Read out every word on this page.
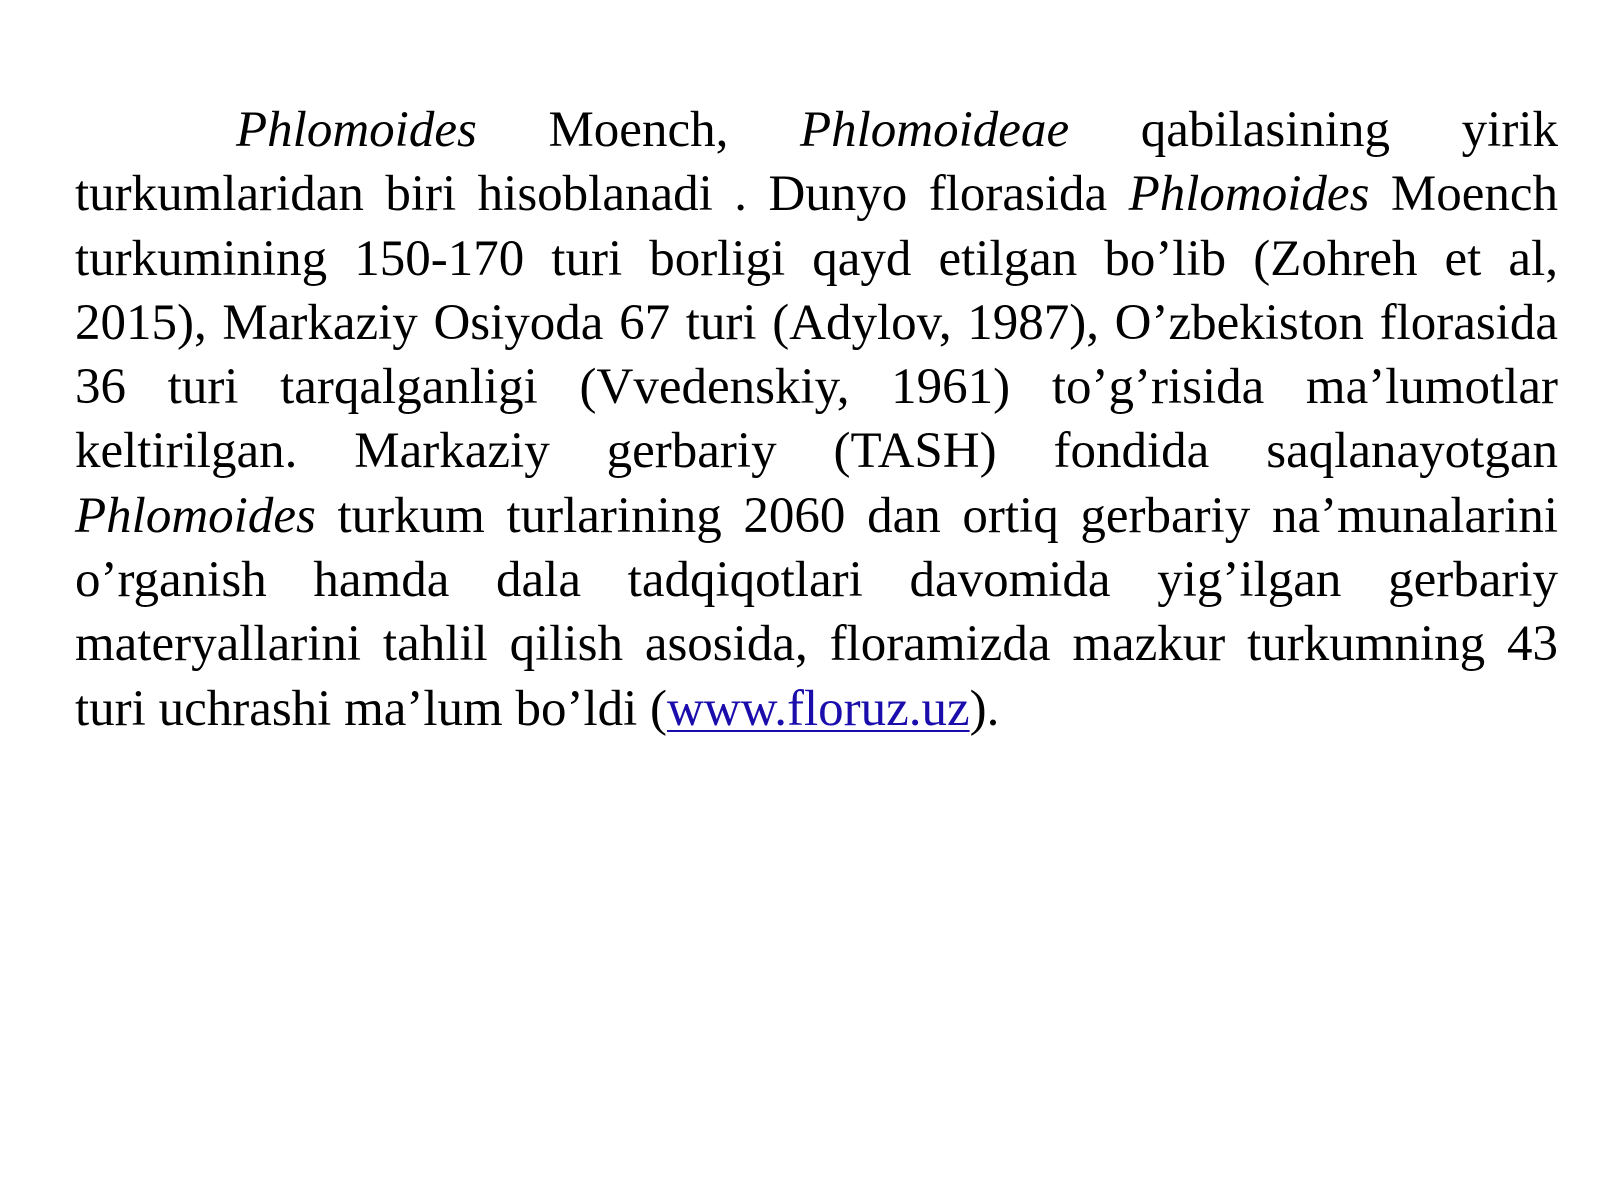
Phlomoides Moench, Phlomoideae qabilasining yirik turkumlaridan biri hisoblanadi . Dunyo florasida Phlomoides Moench turkumining 150-170 turi borligi qayd etilgan bo’lib (Zohreh et al, 2015), Markaziy Osiyoda 67 turi (Adylov, 1987), O’zbekiston florasida 36 turi tarqalganligi (Vvedenskiy, 1961) to’g’risida ma’lumotlar keltirilgan. Markaziy gerbariy (TASH) fondida saqlanayotgan Phlomoides turkum turlarining 2060 dan ortiq gerbariy na’munalarini o’rganish hamda dala tadqiqotlari davomida yig’ilgan gerbariy materyallarini tahlil qilish asosida, floramizda mazkur turkumning 43 turi uchrashi ma’lum bo’ldi (www.floruz.uz).
